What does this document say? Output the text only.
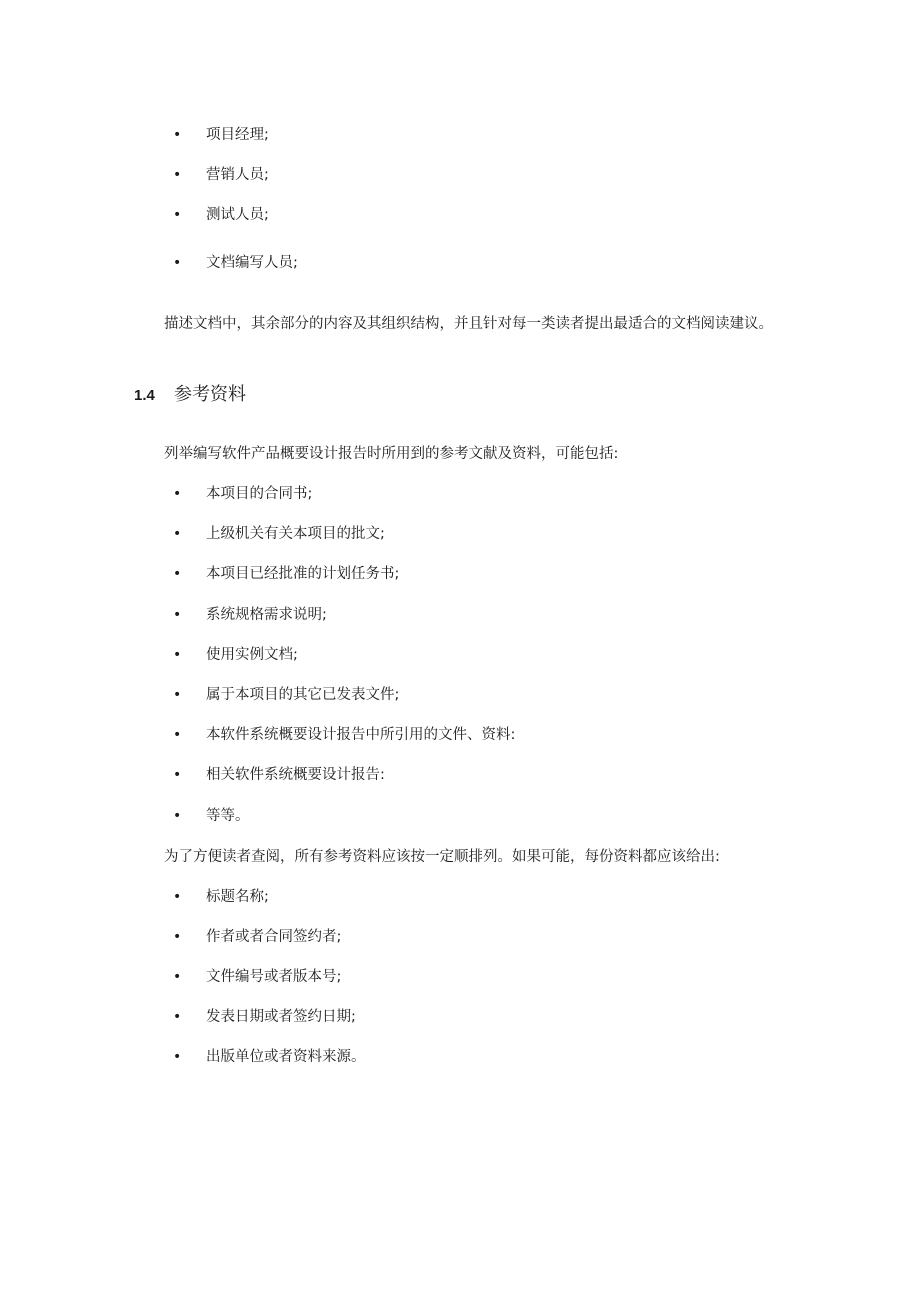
• 项目经理;
• 营销人员;
• 测试人员;
• 文档编写人员;
描述文档中，其余部分的内容及其组织结构，并且针对每一类读者提出最适合的文档阅读建议。
1.4 参考资料
列举编写软件产品概要设计报告时所用到的参考文献及资料，可能包括:
• 本项目的合同书;
• 上级机关有关本项目的批文;
• 本项目已经批准的计划任务书;
• 系统规格需求说明;
• 使用实例文档;
• 属于本项目的其它已发表文件;
• 本软件系统概要设计报告中所引用的文件、资料:
• 相关软件系统概要设计报告:
• 等等。
为了方便读者查阅，所有参考资料应该按一定顺排列。如果可能，每份资料都应该给出:
• 标题名称;
• 作者或者合同签约者;
• 文件编号或者版本号;
• 发表日期或者签约日期;
• 出版单位或者资料来源。
